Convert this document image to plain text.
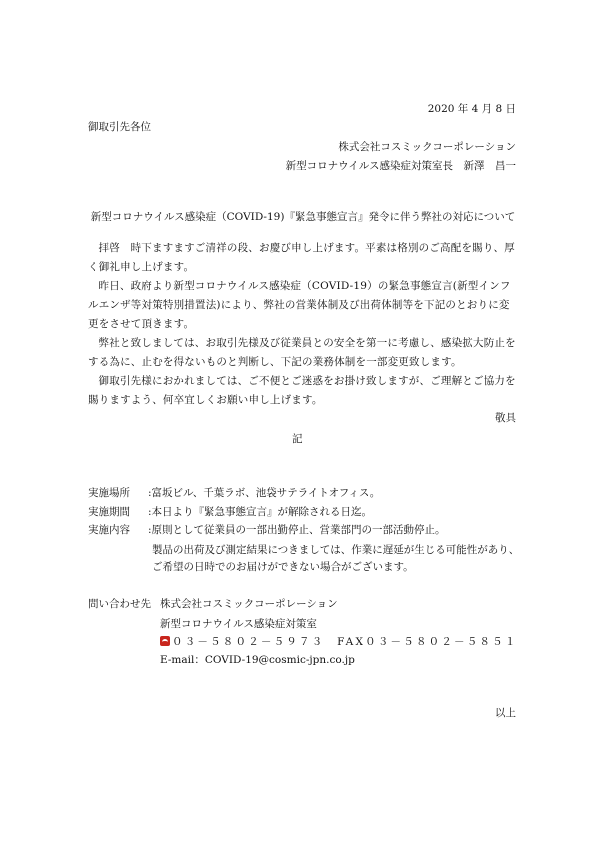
2020 年 4 月 8 日
御取引先各位
株式会社コスミックコーポレーション
新型コロナウイルス感染症対策室長　新澤　昌一
新型コロナウイルス感染症（COVID-19)『緊急事態宣言』発令に伴う弊社の対応について
拝啓　時下ますますご清祥の段、お慶び申し上げます。平素は格別のご高配を賜り、厚く御礼申し上げます。
昨日、政府より新型コロナウイルス感染症（COVID-19）の緊急事態宣言(新型インフルエンザ等対策特別措置法)により、弊社の営業体制及び出荷体制等を下記のとおりに変更をさせて頂きます。
弊社と致しましては、お取引先様及び従業員との安全を第一に考慮し、感染拡大防止をする為に、止むを得ないものと判断し、下記の業務体制を一部変更致します。
御取引先様におかれましては、ご不便とご迷惑をお掛け致しますが、ご理解とご協力を賜りますよう、何卒宜しくお願い申し上げます。
敬具
記
実施場所 :富坂ビル、千葉ラボ、池袋サテライトオフィス。
実施期間 :本日より『緊急事態宣言』が解除される日迄。
実施内容 :原則として従業員の一部出勤停止、営業部門の一部活動停止。
製品の出荷及び測定結果につきましては、作業に遅延が生じる可能性があり、
ご希望の日時でのお届けができない場合がございます。
問い合わせ先 株式会社コスミックコーポレーション
新型コロナウイルス感染症対策室
０３－５８０２－５９７３　 FAX０３－５８０２－５８５１
E-mail：COVID-19@cosmic-jpn.co.jp
以上
